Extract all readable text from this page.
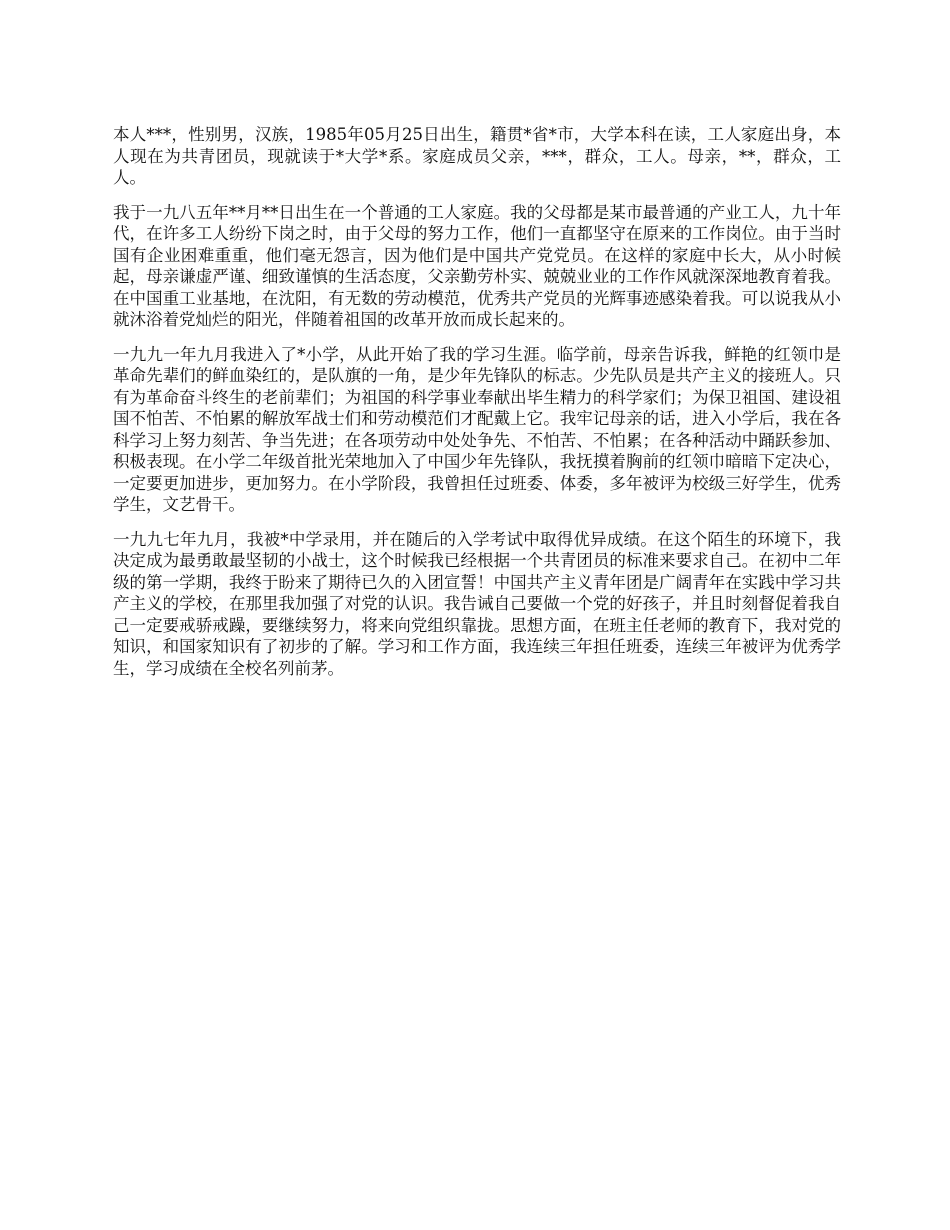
本人***，性别男，汉族，1985年05月25日出生，籍贯*省*市，大学本科在读，工人家庭出身，本人现在为共青团员，现就读于*大学*系。家庭成员父亲，***，群众，工人。母亲，**，群众，工人。

我于一九八五年**月**日出生在一个普通的工人家庭。我的父母都是某市最普通的产业工人，九十年代，在许多工人纷纷下岗之时，由于父母的努力工作，他们一直都坚守在原来的工作岗位。由于当时国有企业困难重重，他们毫无怨言，因为他们是中国共产党党员。在这样的家庭中长大，从小时候起，母亲谦虚严谨、细致谨慎的生活态度，父亲勤劳朴实、兢兢业业的工作作风就深深地教育着我。在中国重工业基地，在沈阳，有无数的劳动模范，优秀共产党员的光辉事迹感染着我。可以说我从小就沐浴着党灿烂的阳光，伴随着祖国的改革开放而成长起来的。

一九九一年九月我进入了*小学，从此开始了我的学习生涯。临学前，母亲告诉我，鲜艳的红领巾是革命先辈们的鲜血染红的，是队旗的一角，是少年先锋队的标志。少先队员是共产主义的接班人。只有为革命奋斗终生的老前辈们；为祖国的科学事业奉献出毕生精力的科学家们；为保卫祖国、建设祖国不怕苦、不怕累的解放军战士们和劳动模范们才配戴上它。我牢记母亲的话，进入小学后，我在各科学习上努力刻苦、争当先进；在各项劳动中处处争先、不怕苦、不怕累；在各种活动中踊跃参加、积极表现。在小学二年级首批光荣地加入了中国少年先锋队，我抚摸着胸前的红领巾暗暗下定决心，一定要更加进步，更加努力。在小学阶段，我曾担任过班委、体委，多年被评为校级三好学生，优秀学生，文艺骨干。

一九九七年九月，我被*中学录用，并在随后的入学考试中取得优异成绩。在这个陌生的环境下，我决定成为最勇敢最坚韧的小战士，这个时候我已经根据一个共青团员的标准来要求自己。在初中二年级的第一学期，我终于盼来了期待已久的入团宣誓！中国共产主义青年团是广阔青年在实践中学习共产主义的学校，在那里我加强了对党的认识。我告诫自己要做一个党的好孩子，并且时刻督促着我自己一定要戒骄戒躁，要继续努力，将来向党组织靠拢。思想方面，在班主任老师的教育下，我对党的知识，和国家知识有了初步的了解。学习和工作方面，我连续三年担任班委，连续三年被评为优秀学生，学习成绩在全校名列前茅。
